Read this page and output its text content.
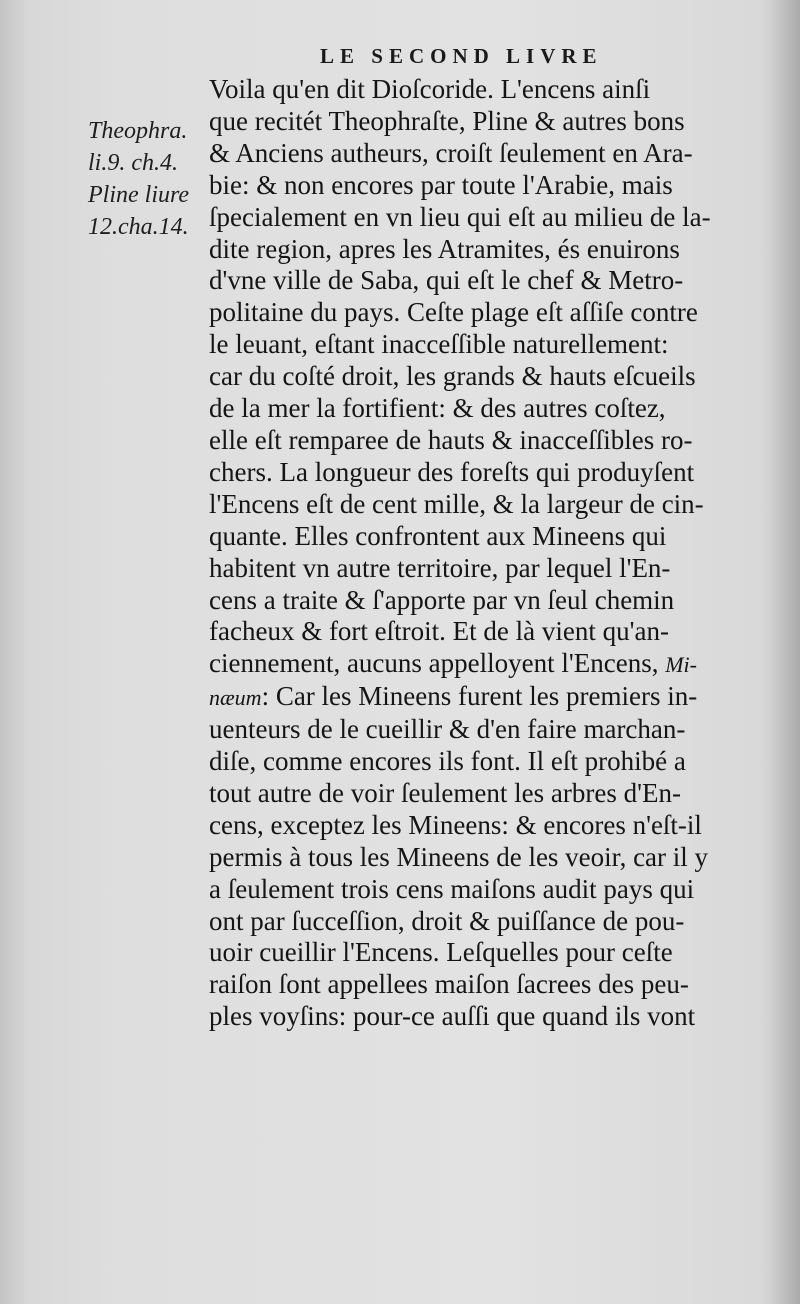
LE SECOND LIVRE
Theophra.
li.9. ch.4.
Pline liure
12.cha.14.
Voila qu'en dit Dioſcoride. L'encens ainſi
que recitét Theophraſte, Pline & autres bons
& Anciens autheurs, croiſt ſeulement en Ara-
bie: & non encores par toute l'Arabie, mais
ſpecialement en vn lieu qui eſt au milieu de la-
dite region, apres les Atramites, és enuirons
d'vne ville de Saba, qui eſt le chef & Metro-
politaine du pays. Ceſte plage eſt aſſiſe contre
le leuant, eſtant inacceſſible naturellement:
car du coſté droit, les grands & hauts eſcueils
de la mer la fortifient: & des autres coſtez,
elle eſt remparee de hauts & inacceſſibles ro-
chers. La longueur des foreſts qui produyſent
l'Encens eſt de cent mille, & la largeur de cin-
quante. Elles confrontent aux Mineens qui
habitent vn autre territoire, par lequel l'En-
cens a traite & ſ'apporte par vn ſeul chemin
facheux & fort eſtroit. Et de là vient qu'an-
ciennement, aucuns appelloyent l'Encens, Mi-
næum: Car les Mineens furent les premiers in-
uenteurs de le cueillir & d'en faire marchan-
diſe, comme encores ils font. Il eſt prohibé a
tout autre de voir ſeulement les arbres d'En-
cens, exceptez les Mineens: & encores n'eſt-il
permis à tous les Mineens de les veoir, car il y
a ſeulement trois cens maiſons audit pays qui
ont par ſucceſſion, droit & puiſſance de pou-
uoir cueillir l'Encens. Leſquelles pour ceſte
raiſon ſont appellees maiſon ſacrees des peu-
ples voyſins: pour-ce auſſi que quand ils vont
